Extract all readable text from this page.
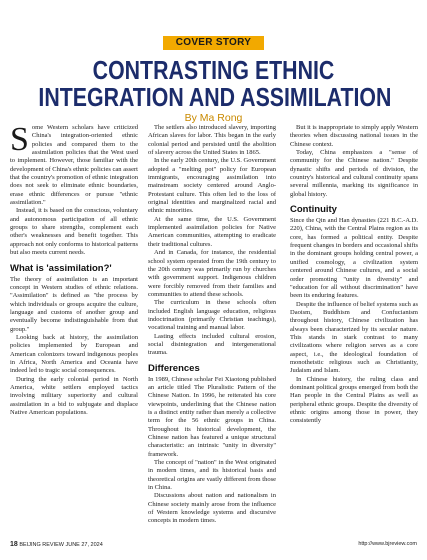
COVER STORY
CONTRASTING ETHNIC
INTEGRATION AND ASSIMILATION
By Ma Rong

Some Western scholars have criticized China's integration-oriented ethnic policies and compared them to the assimilation policies that the West used to implement. However, those familiar with the development of China's ethnic policies can assert that the country's promotion of ethnic integration does not seek to eliminate ethnic boundaries, erase ethnic differences or pursue "ethnic assimilation."

Instead, it is based on the conscious, voluntary and autonomous participation of all ethnic groups to share strengths, complement each other's weaknesses and benefit together. This approach not only conforms to historical patterns but also meets current needs.

What is 'assimilation?'

The theory of assimilation is an important concept in Western studies of ethnic relations. "Assimilation" is defined as "the process by which individuals or groups acquire the culture, language and customs of another group and eventually become indistinguishable from that group."

Looking back at history, the assimilation policies implemented by European and American colonizers toward indigenous peoples in Africa, North America and Oceania have indeed led to tragic social consequences.

During the early colonial period in North America, white settlers employed tactics involving military superiority and cultural assimilation in a bid to subjugate and displace Native American populations.

The settlers also introduced slavery, importing African slaves for labor. This began in the early colonial period and persisted until the abolition of slavery across the United States in 1865.

In the early 20th century, the U.S. Government adopted a "melting pot" policy for European immigrants, encouraging assimilation into mainstream society centered around Anglo-Protestant culture. This often led to the loss of original identities and marginalized racial and ethnic minorities.

At the same time, the U.S. Government implemented assimilation policies for Native American communities, attempting to eradicate their traditional cultures.

And in Canada, for instance, the residential school system operated from the 19th century to the 20th century was primarily run by churches with government support. Indigenous children were forcibly removed from their families and communities to attend these schools.

The curriculum in these schools often included English language education, religious indoctrination (primarily Christian teachings), vocational training and manual labor.

Lasting effects included cultural erosion, social disintegration and intergenerational trauma.

Differences

In 1989, Chinese scholar Fei Xiaotong published an article titled The Pluralistic Pattern of the Chinese Nation. In 1996, he reiterated his core viewpoints, underlining that the Chinese nation is a distinct entity rather than merely a collective term for the 56 ethnic groups in China. Throughout its historical development, the Chinese nation has featured a unique structural characteristic: an intrinsic "unity in diversity" framework.

The concept of "nation" in the West originated in modern times, and its historical basis and theoretical origins are vastly different from those in China.

Discussions about nation and nationalism in Chinese society mainly arose from the influence of Western knowledge systems and discursive concepts in modern times.

But it is inappropriate to simply apply Western theories when discussing national issues in the Chinese context.

Today, China emphasizes a "sense of community for the Chinese nation." Despite dynastic shifts and periods of division, the country's historical and cultural continuity spans several millennia, marking its significance in global history.

Continuity

Since the Qin and Han dynasties (221 B.C.-A.D. 220), China, with the Central Plains region as its core, has formed a political entity. Despite frequent changes in borders and occasional shifts in the dominant groups holding central power, a unified cosmology, a civilization system centered around Chinese cultures, and a social order promoting "unity in diversity" and "education for all without discrimination" have been its enduring features.

Despite the influence of belief systems such as Daoism, Buddhism and Confucianism throughout history, Chinese civilization has always been characterized by its secular nature. This stands in stark contrast to many civilizations where religion serves as a core aspect, i.e., the ideological foundation of monotheistic religious such as Christianity, Judaism and Islam.

In Chinese history, the ruling class and dominant political groups emerged from both the Han people in the Central Plains as well as peripheral ethnic groups. Despite the diversity of ethnic origins among those in power, they consistently

18 BEIJING REVIEW JUNE 27, 2024	http://www.bjreview.com
